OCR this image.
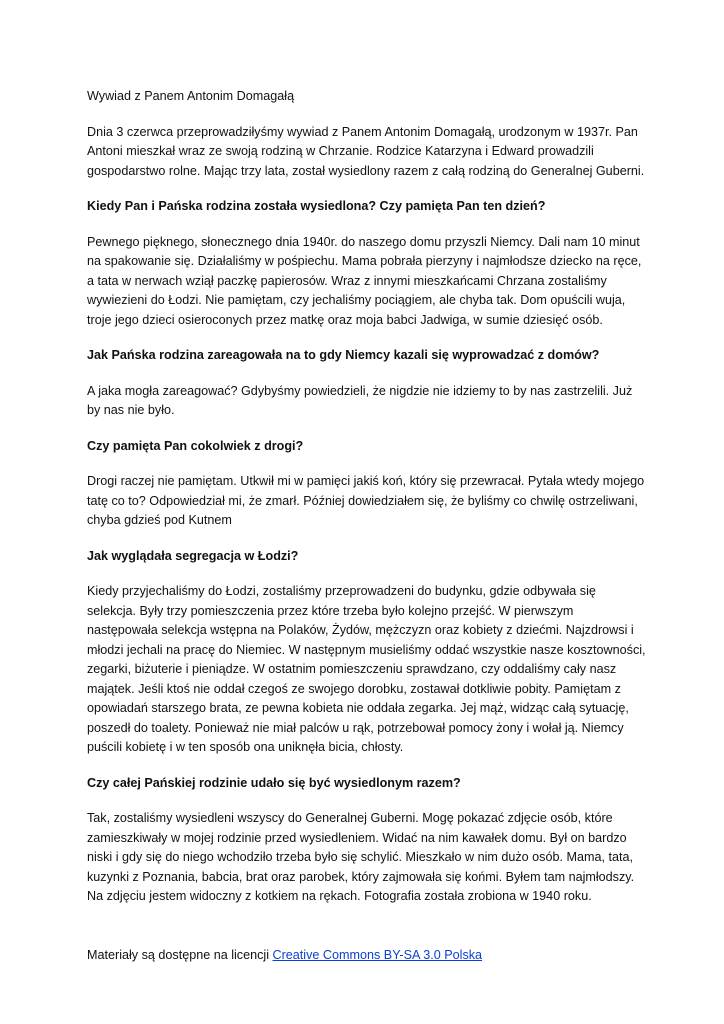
Wywiad z Panem Antonim Domagałą

Dnia 3 czerwca przeprowadziłyśmy wywiad z Panem Antonim Domagałą, urodzonym w 1937r. Pan Antoni mieszkał wraz ze swoją rodziną w Chrzanie. Rodzice Katarzyna i Edward prowadzili gospodarstwo rolne. Mając trzy lata, został wysiedlony razem z całą rodziną do Generalnej Guberni.

Kiedy Pan i Pańska rodzina została wysiedlona? Czy pamięta Pan ten dzień?

Pewnego pięknego, słonecznego dnia 1940r. do naszego domu przyszli Niemcy. Dali nam 10 minut na spakowanie się. Działaliśmy w pośpiechu. Mama pobrała pierzyny i najmłodsze dziecko na ręce, a tata w nerwach wziął paczkę papierosów. Wraz z innymi mieszkańcami Chrzana zostaliśmy wywiezieni do Łodzi. Nie pamiętam, czy jechaliśmy pociągiem, ale chyba tak. Dom opuścili wuja, troje jego dzieci osieroconych przez matkę oraz moja babci Jadwiga, w sumie dziesięć osób.

Jak Pańska rodzina zareagowała na to gdy Niemcy kazali się wyprowadzać z domów?

A jaka mogła zareagować? Gdybyśmy powiedzieli, że nigdzie nie idziemy to by nas zastrzelili. Już by nas nie było.

Czy pamięta Pan cokolwiek z drogi?

Drogi raczej nie pamiętam. Utkwił mi w pamięci jakiś koń, który się przewracał. Pytała wtedy mojego tatę co to? Odpowiedział mi, że zmarł. Później dowiedziałem się, że byliśmy co chwilę ostrzeliwani, chyba gdzieś pod Kutnem

Jak wyglądała segregacja w Łodzi?

Kiedy przyjechaliśmy do Łodzi, zostaliśmy przeprowadzeni do budynku, gdzie odbywała się selekcja. Były trzy pomieszczenia przez które trzeba było kolejno przejść. W pierwszym następowała selekcja wstępna na Polaków, Żydów, mężczyzn oraz kobiety z dziećmi. Najzdrowsi i młodzi jechali na pracę do Niemiec. W następnym musieliśmy oddać wszystkie nasze kosztowności, zegarki, biżuterie i pieniądze. W ostatnim pomieszczeniu sprawdzano, czy oddaliśmy cały nasz majątek. Jeśli ktoś nie oddał czegoś ze swojego dorobku, zostawał dotkliwie pobity. Pamiętam z opowiadań starszego brata, ze pewna kobieta nie oddała zegarka. Jej mąż, widząc całą sytuację, poszedł do toalety. Ponieważ nie miał palców u rąk, potrzebował pomocy żony i wołał ją. Niemcy puścili kobietę i w ten sposób ona uniknęła bicia, chłosty.

Czy całej Pańskiej rodzinie udało się być wysiedlonym razem?

Tak, zostaliśmy wysiedleni wszyscy do Generalnej Guberni. Mogę pokazać zdjęcie osób, które zamieszkiwały w mojej rodzinie przed wysiedleniem. Widać na nim kawałek domu. Był on bardzo niski i gdy się do niego wchodziło trzeba było się schylić. Mieszkało w nim dużo osób. Mama, tata, kuzynki z Poznania, babcia, brat oraz parobek, który zajmowała się końmi. Byłem tam najmłodszy. Na zdjęciu jestem widoczny z kotkiem na rękach. Fotografia została zrobiona w 1940 roku.

Materiały są dostępne na licencji Creative Commons BY-SA 3.0 Polska
